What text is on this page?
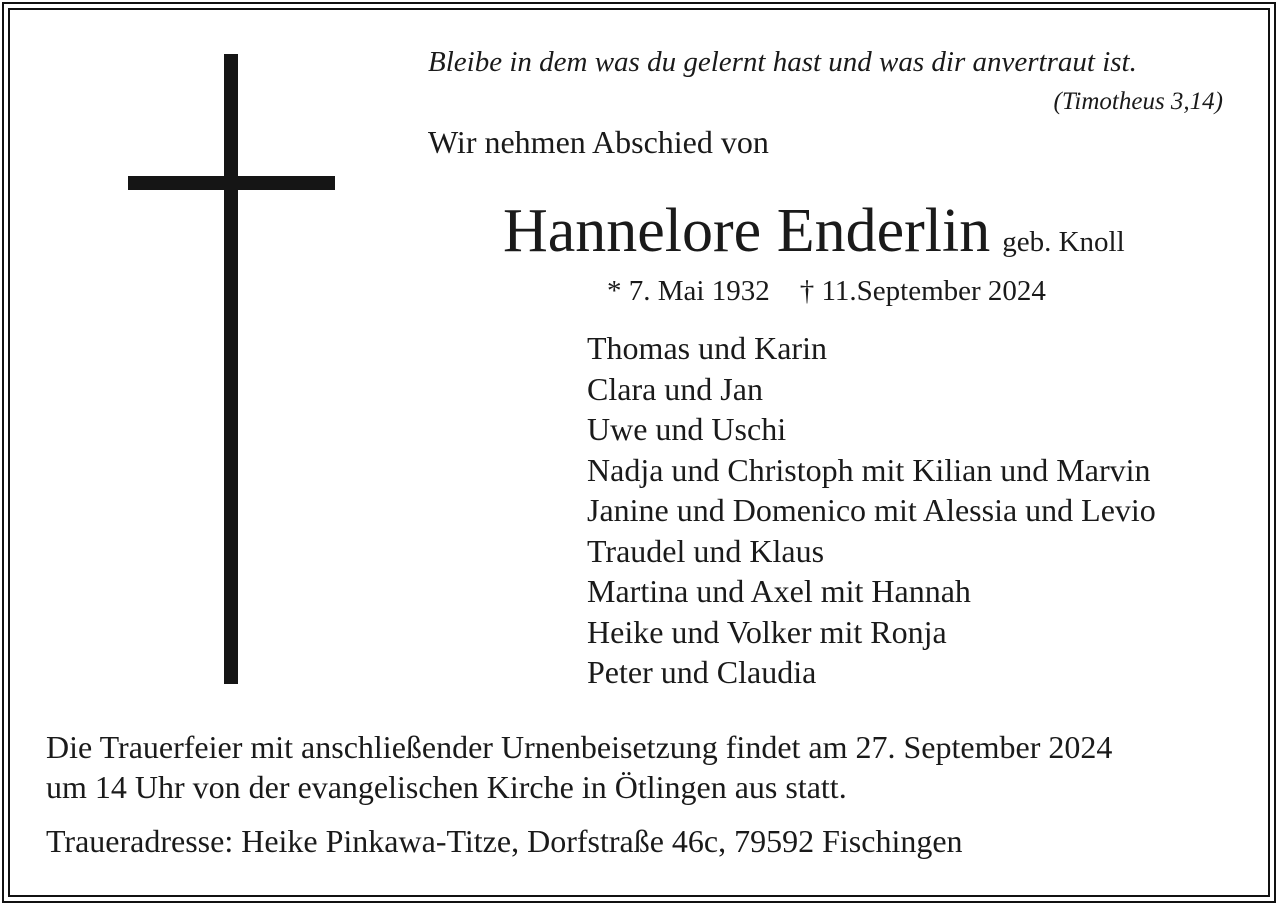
Bleibe in dem was du gelernt hast und was dir anvertraut ist.
(Timotheus 3,14)
Wir nehmen Abschied von
Hannelore Enderlin geb. Knoll
* 7. Mai 1932 † 11.September 2024
Thomas und Karin
Clara und Jan
Uwe und Uschi
Nadja und Christoph mit Kilian und Marvin
Janine und Domenico mit Alessia und Levio
Traudel und Klaus
Martina und Axel mit Hannah
Heike und Volker mit Ronja
Peter und Claudia
Die Trauerfeier mit anschließender Urnenbeisetzung findet am 27. September 2024
um 14 Uhr von der evangelischen Kirche in Ötlingen aus statt.
Traueradresse: Heike Pinkawa-Titze, Dorfstraße 46c, 79592 Fischingen
